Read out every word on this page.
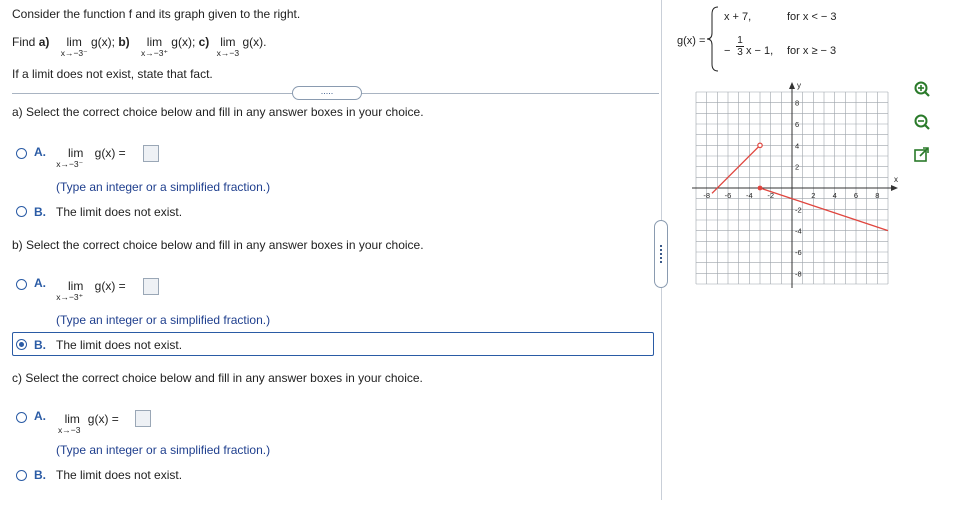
Consider the function f and its graph given to the right.
Find a) lim
x→−3⁻
g(x); b) lim
x→−3⁺
g(x); c) lim
x→−3
g(x).
If a limit does not exist, state that fact.
.....
a) Select the correct choice below and fill in any answer boxes in your choice.
A.	lim
x→−3⁻
g(x) =
(Type an integer or a simplified fraction.)
B. The limit does not exist.
b) Select the correct choice below and fill in any answer boxes in your choice.
A.	lim
x→−3⁺
g(x) =
(Type an integer or a simplified fraction.)
B. The limit does not exist.
c) Select the correct choice below and fill in any answer boxes in your choice.
A.	lim
x→−3
g(x) =
(Type an integer or a simplified fraction.)
B. The limit does not exist.
g(x) =
x + 7,	for x < − 3
−
1
3 x − 1, for x ≥ − 3
x
y
-8 -6 -4 -2	2 4 6 8
8
6
4
2
-2
-4
-6
-8
